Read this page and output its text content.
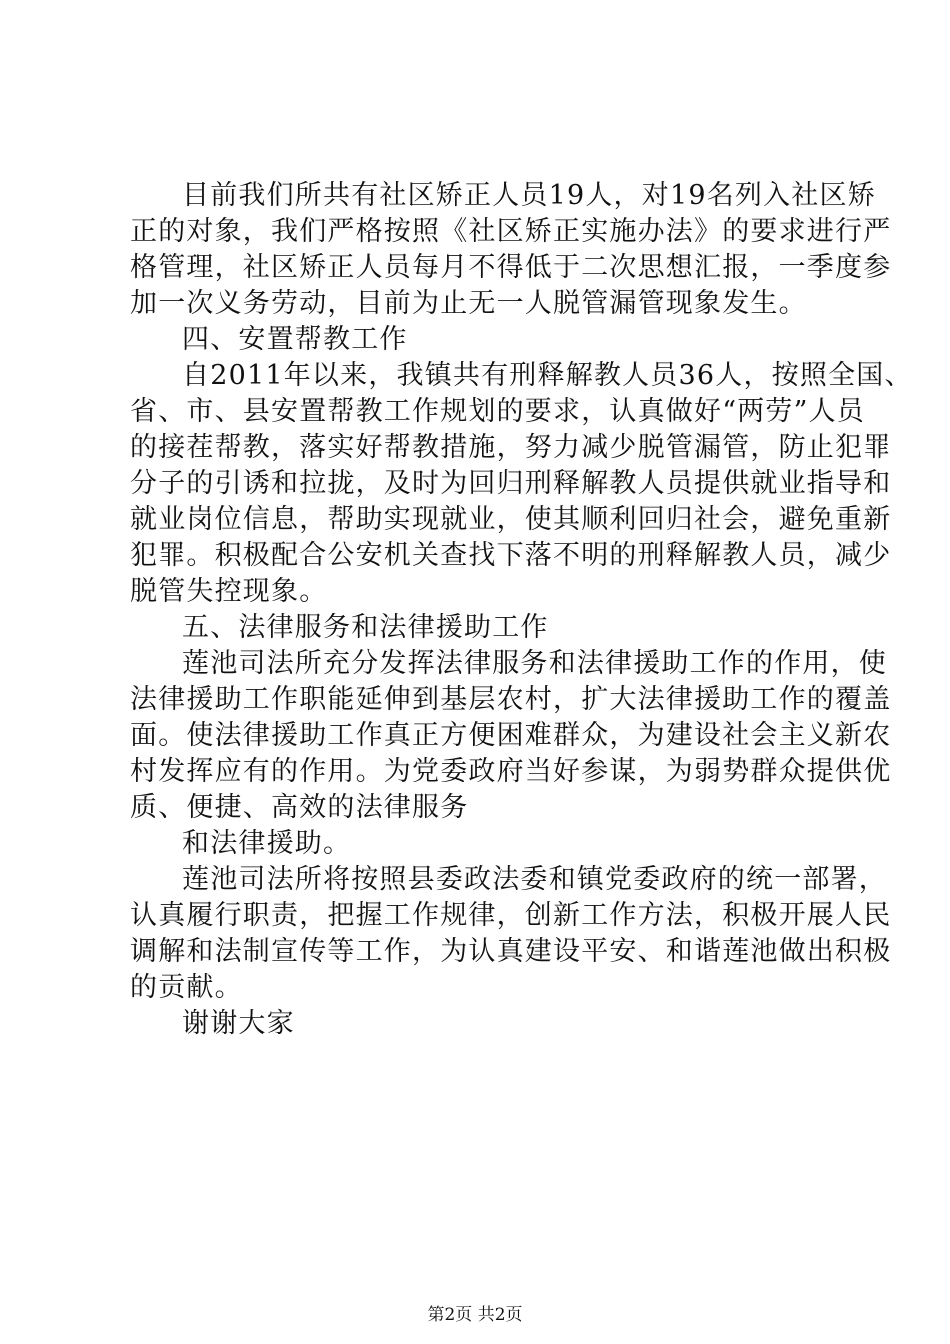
目前我们所共有社区矫正人员19人，对19名列入社区矫
正的对象，我们严格按照《社区矫正实施办法》的要求进行严
格管理，社区矫正人员每月不得低于二次思想汇报，一季度参
加一次义务劳动，目前为止无一人脱管漏管现象发生。
四、安置帮教工作
自2011年以来，我镇共有刑释解教人员36人，按照全国、
省、市、县安置帮教工作规划的要求，认真做好“两劳”人员
的接茬帮教，落实好帮教措施，努力减少脱管漏管，防止犯罪
分子的引诱和拉拢，及时为回归刑释解教人员提供就业指导和
就业岗位信息，帮助实现就业，使其顺利回归社会，避免重新
犯罪。积极配合公安机关查找下落不明的刑释解教人员，减少
脱管失控现象。
五、法律服务和法律援助工作
莲池司法所充分发挥法律服务和法律援助工作的作用，使
法律援助工作职能延伸到基层农村，扩大法律援助工作的覆盖
面。使法律援助工作真正方便困难群众，为建设社会主义新农
村发挥应有的作用。为党委政府当好参谋，为弱势群众提供优
质、便捷、高效的法律服务
和法律援助。
莲池司法所将按照县委政法委和镇党委政府的统一部署，
认真履行职责，把握工作规律，创新工作方法，积极开展人民
调解和法制宣传等工作，为认真建设平安、和谐莲池做出积极
的贡献。
谢谢大家
第2页 共2页
